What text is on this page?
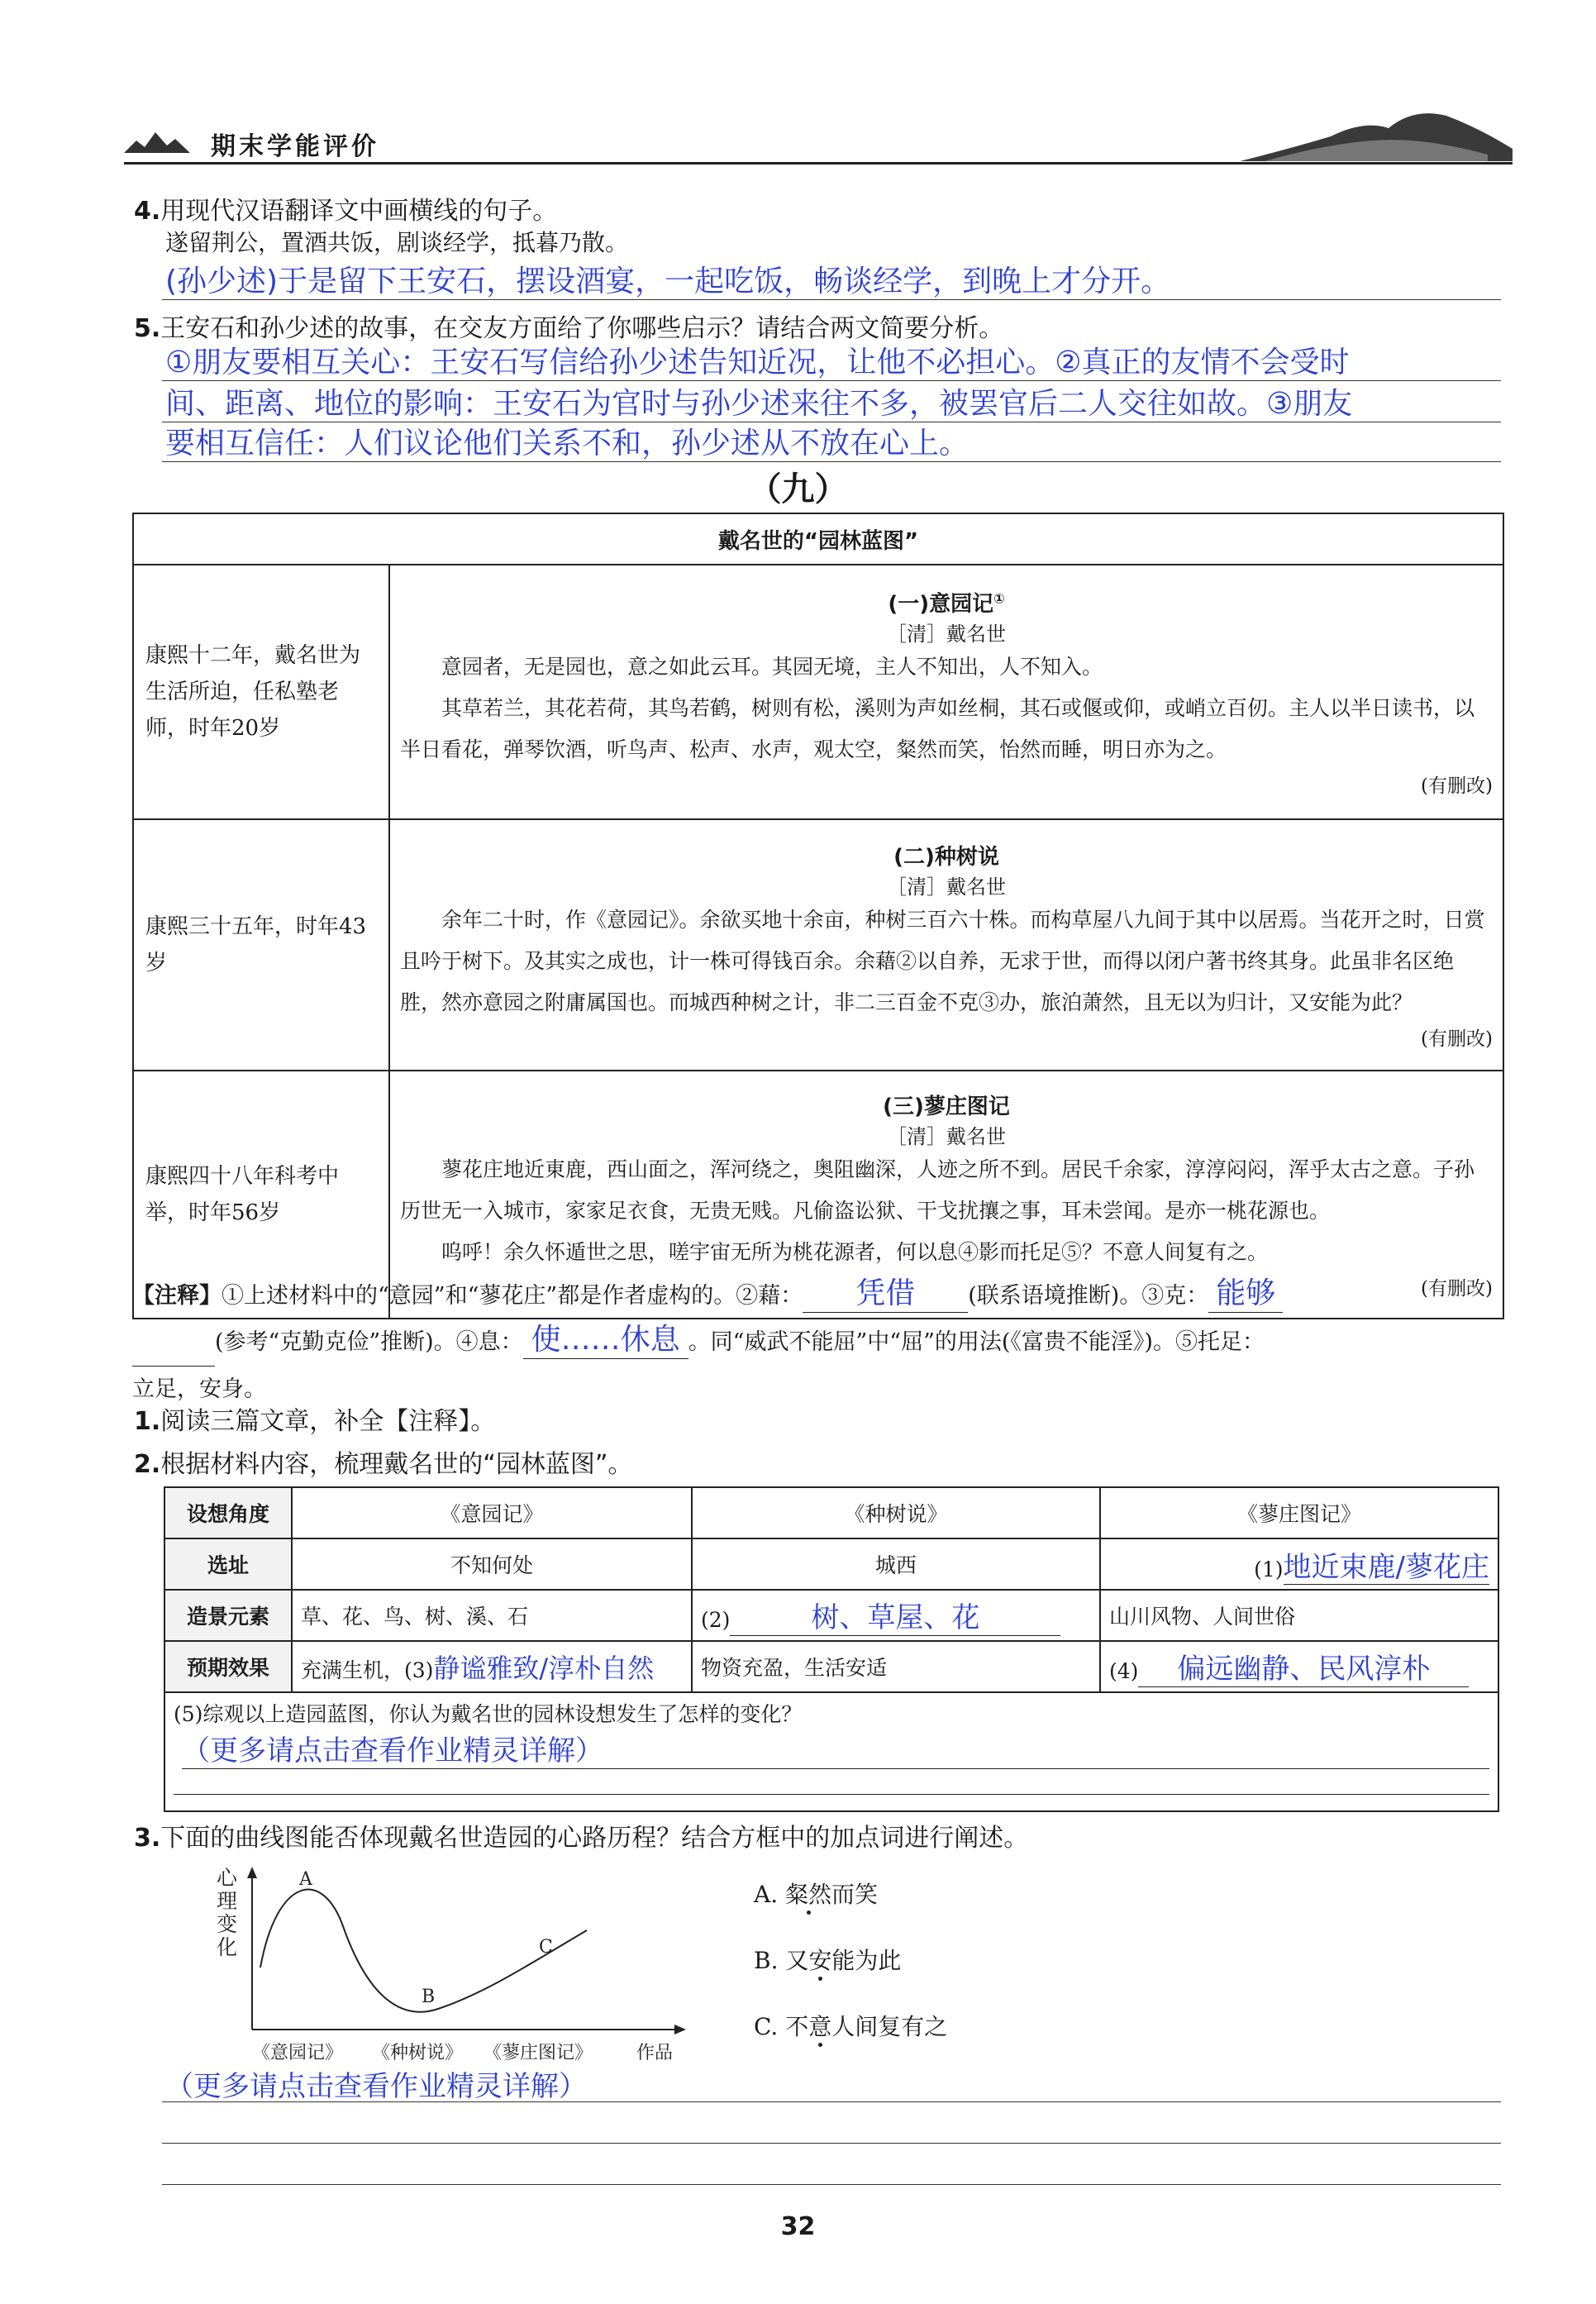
期末学能评价
4.用现代汉语翻译文中画横线的句子。
遂留荆公，置酒共饭，剧谈经学，抵暮乃散。
(孙少述)于是留下王安石，摆设酒宴，一起吃饭，畅谈经学，到晚上才分开。
5.王安石和孙少述的故事，在交友方面给了你哪些启示？请结合两文简要分析。
①朋友要相互关心：王安石写信给孙少述告知近况，让他不必担心。②真正的友情不会受时
间、距离、地位的影响：王安石为官时与孙少述来往不多，被罢官后二人交往如故。③朋友
要相互信任：人们议论他们关系不和，孙少述从不放在心上。
（九）
戴名世的“园林蓝图”	
康熙十二年，戴名世为生活所迫，任私塾老师，时年20岁	(一)意园记①
［清］戴名世

意园者，无是园也，意之如此云耳。其园无境，主人不知出，人不知入。

其草若兰，其花若荷，其鸟若鹤，树则有松，溪则为声如丝桐，其石或偃或仰，或峭立百仞。主人以半日读书，以半日看花，弹琴饮酒，听鸟声、松声、水声，观太空，粲然而笑，怡然而睡，明日亦为之。

(有删改)

康熙三十五年，时年43岁	(二)种树说
［清］戴名世

余年二十时，作《意园记》。余欲买地十余亩，种树三百六十株。而构草屋八九间于其中以居焉。当花开之时，日赏且吟于树下。及其实之成也，计一株可得钱百余。余藉②以自养，无求于世，而得以闭户著书终其身。此虽非名区绝胜，然亦意园之附庸属国也。而城西种树之计，非二三百金不克③办，旅泊萧然，且无以为归计，又安能为此？

(有删改)

康熙四十八年科考中举，时年56岁	(三)蓼庄图记
［清］戴名世

蓼花庄地近東鹿，西山面之，浑河绕之，奥阻幽深，人迹之所不到。居民千余家，淳淳闷闷，浑乎太古之意。子孙历世无一入城市，家家足衣食，无贵无贱。凡偷盗讼狱、干戈扰攘之事，耳未尝闻。是亦一桃花源也。

呜呼！余久怀遁世之思，嗟宇宙无所为桃花源者，何以息④影而托足⑤？不意人间复有之。

(有删改)

【注释】①上述材料中的“意园”和“蓼花庄”都是作者虚构的。②藉： 凭借 (联系语境推断)。③克： 能够
(参考“克勤克俭”推断)。④息： 使……休息 。同“威武不能屈”中“屈”的用法(《富贵不能淫》)。⑤托足：
立足，安身。
1.阅读三篇文章，补全【注释】。
2.根据材料内容，梳理戴名世的“园林蓝图”。
设想角度	《意园记》	《种树说》	《蓼庄图记》
选址	不知何处	城西	(1)地近束鹿/蓼花庄
造景元素	草、花、鸟、树、溪、石	(2) 树、草屋、花	山川风物、人间世俗
预期效果	充满生机，(3)静谧雅致/淳朴自然	物资充盈，生活安适	(4) 偏远幽静、民风淳朴

(5)综观以上造园蓝图，你认为戴名世的园林设想发生了怎样的变化？
（更多请点击查看作业精灵详解）			
3.下面的曲线图能否体现戴名世造园的心路历程？结合方框中的加点词进行阐述。
心
理
变
化
A
B
C
《意园记》 《种树说》 《蓼庄图记》 作品
A. 粲然而笑
B. 又安能为此
C. 不意人间复有之
（更多请点击查看作业精灵详解）
32
